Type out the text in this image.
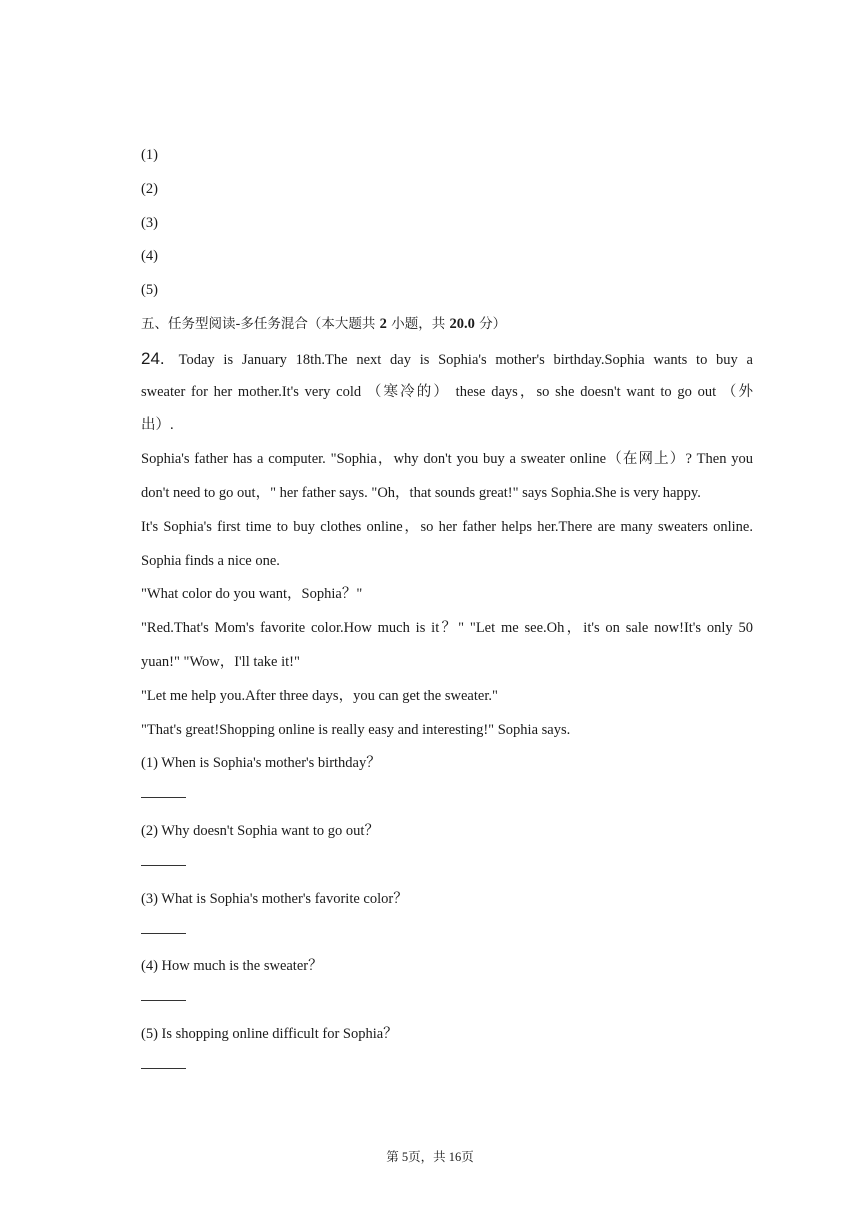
(1)
(2)
(3)
(4)
(5)
五、任务型阅读-多任务混合（本大题共 2 小题，共 20.0 分）
24. Today is January 18th.The next day is Sophia's mother's birthday.Sophia wants to buy a
sweater for her mother.It's very cold （寒冷的） these days，so she doesn't want to go out （外
出）.
Sophia's father has a computer. "Sophia，why don't you buy a sweater online（在网上）? Then you
don't need to go out，" her father says. "Oh，that sounds great!" says Sophia.She is very happy.
It's Sophia's first time to buy clothes online，so her father helps her.There are many sweaters online.
Sophia finds a nice one.
"What color do you want，Sophia？"
"Red.That's Mom's favorite color.How much is it？" "Let me see.Oh，it's on sale now!It's only 50
yuan!" "Wow，I'll take it!"
"Let me help you.After three days，you can get the sweater."
"That's great!Shopping online is really easy and interesting!" Sophia says.
(1) When is Sophia's mother's birthday？
(2) Why doesn't Sophia want to go out？
(3) What is Sophia's mother's favorite color？
(4) How much is the sweater？
(5) Is shopping online difficult for Sophia？
第 5页，共 16页
